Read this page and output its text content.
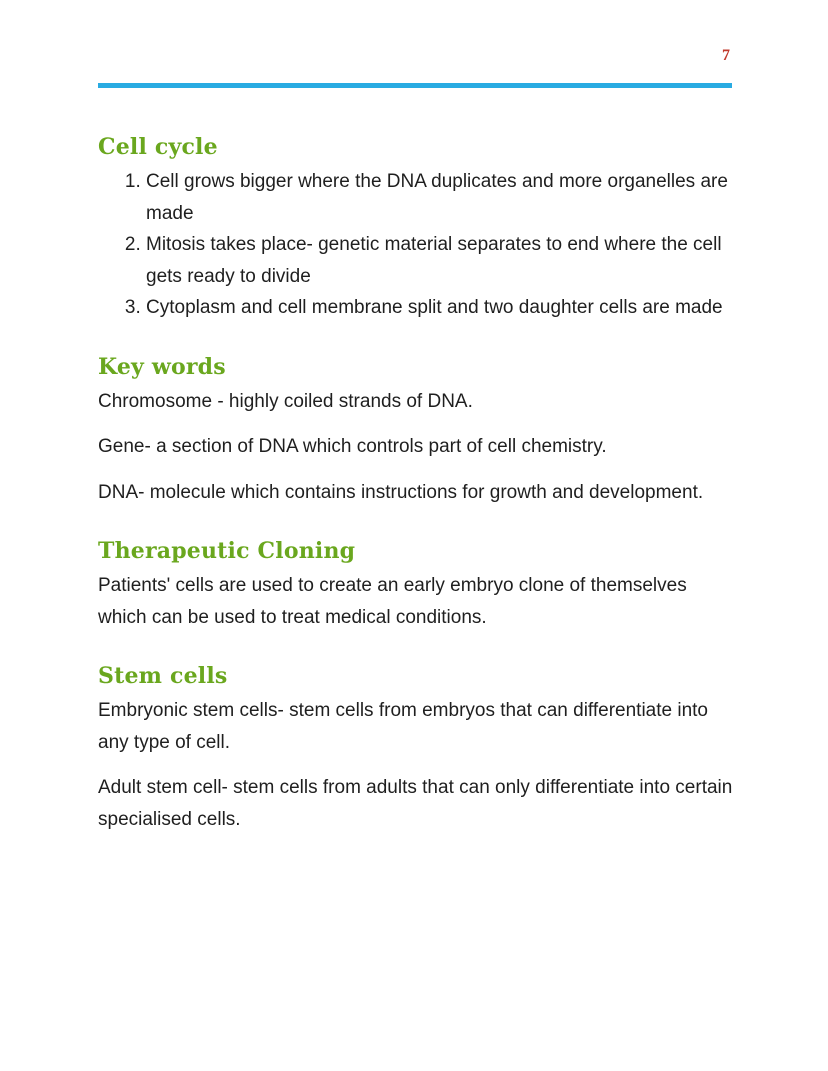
7
Cell cycle
1. Cell grows bigger where the DNA duplicates and more organelles are made
2. Mitosis takes place- genetic material separates to end where the cell gets ready to divide
3. Cytoplasm and cell membrane split and two daughter cells are made
Key words

Chromosome - highly coiled strands of DNA.

Gene- a section of DNA which controls part of cell chemistry.

DNA- molecule which contains instructions for growth and development.

Therapeutic Cloning

Patients' cells are used to create an early embryo clone of themselves which can be used to treat medical conditions.

Stem cells

Embryonic stem cells- stem cells from embryos that can differentiate into any type of cell.

Adult stem cell- stem cells from adults that can only differentiate into certain specialised cells.
